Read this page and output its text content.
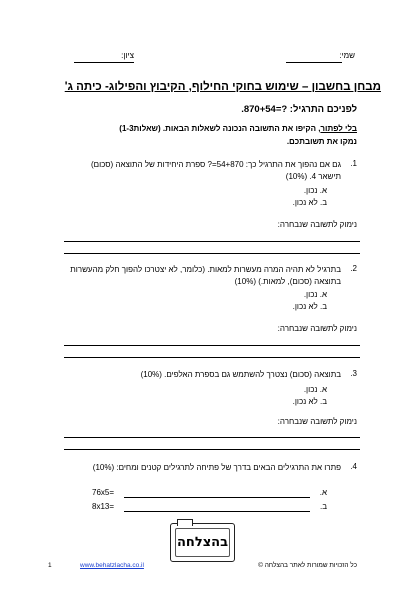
שמי:
ציון:
מבחן בחשבון – שימוש בחוקי החילוף, הקיבוץ והפילוג- כיתה ג'
לפניכם התרגיל: ?=870+54.
בלי לפתור, הקיפו את התשובה הנכונה לשאלות הבאות. (שאלות1-3)
נמקו את תשובתכם.
1.
גם אם נהפוך את התרגיל כך: 54+870=? ספרת היחידות של התוצאה (סכום) תישאר 4. (10%)
א. נכון.
ב. לא נכון.
נימוק לתשובה שנבחרה:
2.
בתרגיל לא תהיה המרה מעשרות למאות. (כלומר, לא יצטרכו להפוך חלק מהעשרות בתוצאה (סכום), למאות.) (10%)
א. נכון.
ב. לא נכון.
נימוק לתשובה שנבחרה:
3.
בתוצאה (סכום) נצטרך להשתמש גם בספרת האלפים. (10%)
א. נכון.
ב. לא נכון.
נימוק לתשובה שנבחרה:
4.
פתרו את התרגילים הבאים בדרך של פתיחה לתרגילים קטנים ומחים: (10%)
א.
76x5=
ב.
8x13=
בהצלחה
1	www.behatzlacha.co.il	כל הזכויות שמורות לאתר בהצלחה ©
